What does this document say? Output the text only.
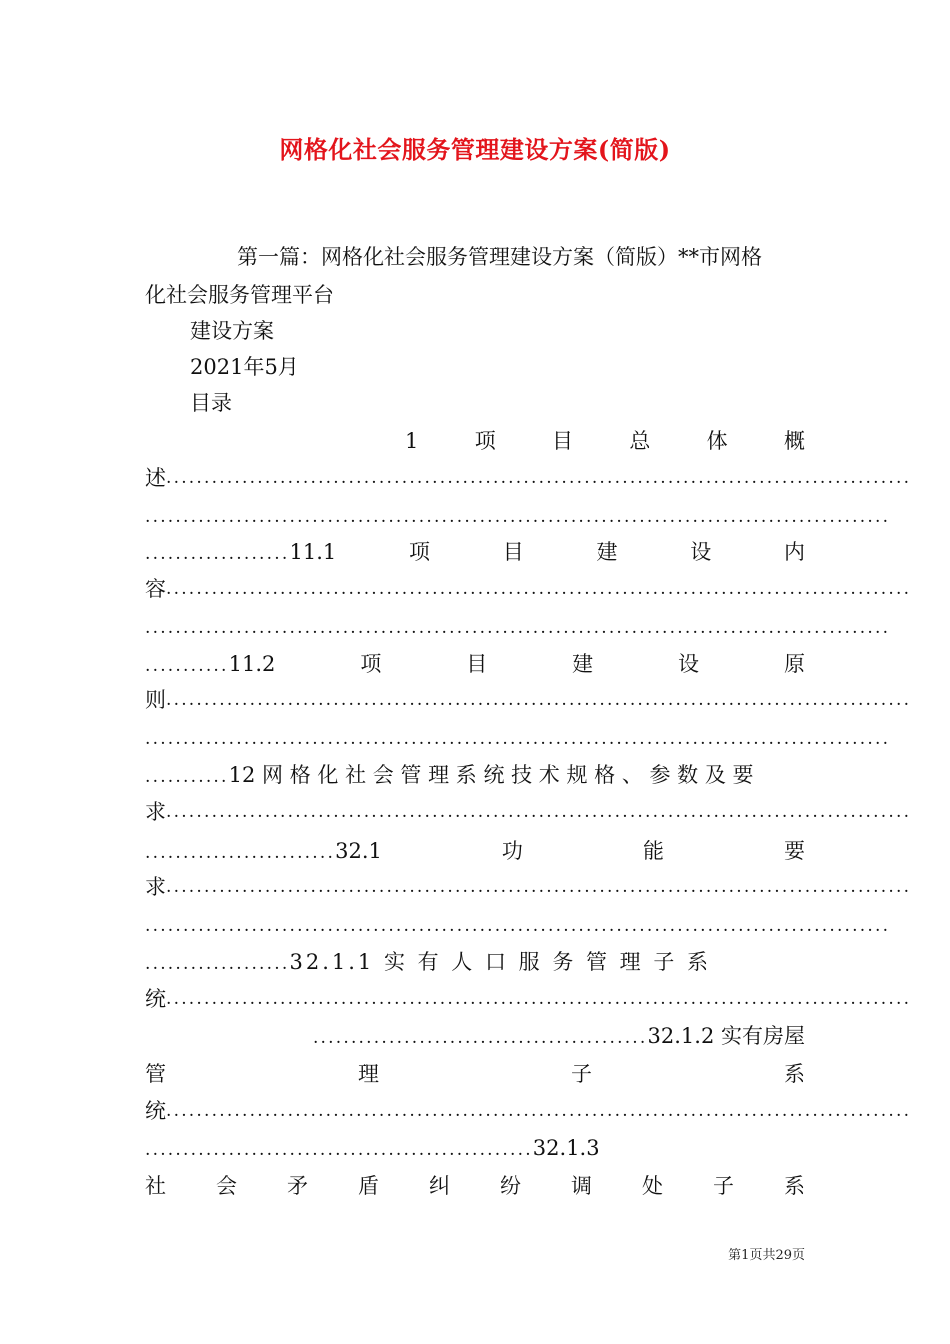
网格化社会服务管理建设方案(简版)
第一篇：网格化社会服务管理建设方案（简版）**市网格
化社会服务管理平台
建设方案
2021年5月
目录
1	项	目	总	体	概
述 ..................................................................................................
..................................................................................................
...................11.1	项	目	建	设	内
容 ..................................................................................................
..................................................................................................
...........11.2	项	目	建	设	原
则 ..................................................................................................
..................................................................................................
...........12 网 格 化 社 会 管 理 系 统 技 术 规 格 、 参 数 及 要
求 ..................................................................................................
.........................32.1	功	能	要
求 ..................................................................................................
..................................................................................................
...................32.1.1 实 有 人 口 服 务 管 理 子 系
统 ..................................................................................................
............................................32.1.2 实有房屋
管	理	子	系
统 ..................................................................................................
...................................................32.1.3
社 会 矛 盾 纠 纷 调 处 子 系
第1页共29页
